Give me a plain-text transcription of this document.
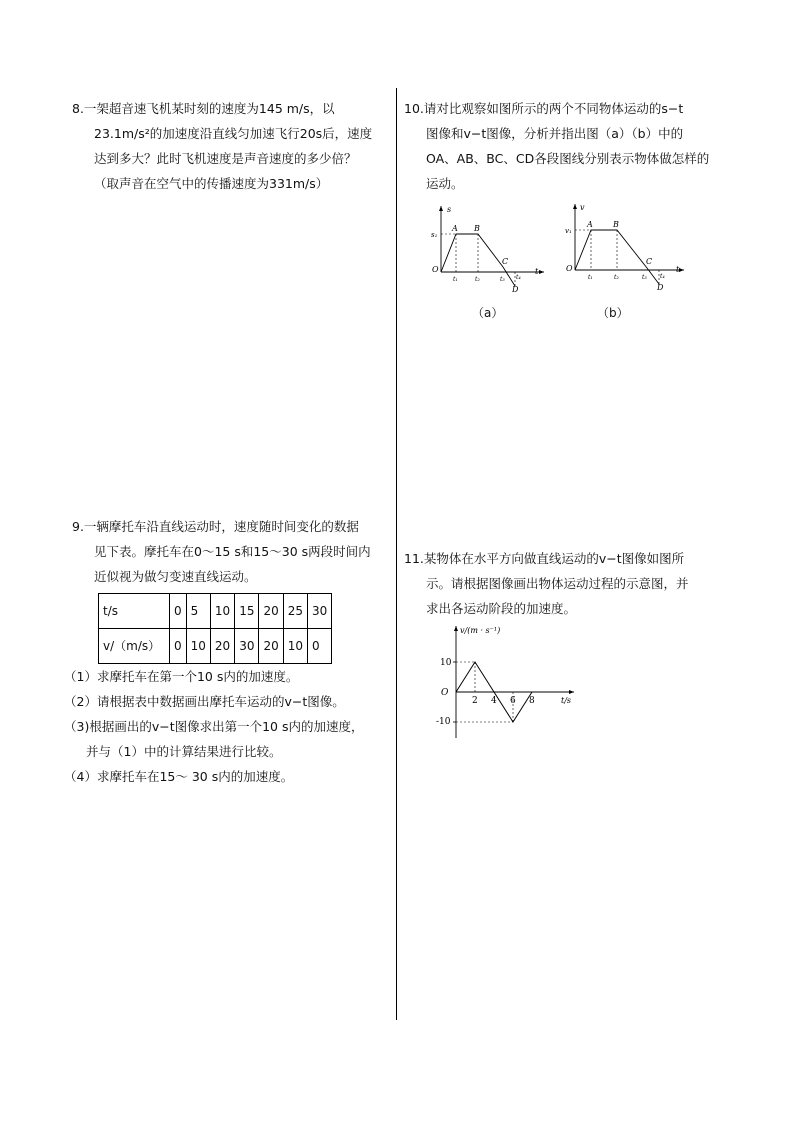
8.一架超音速飞机某时刻的速度为145 m/s，以
23.1m/s²的加速度沿直线匀加速飞行20s后，速度
达到多大？此时飞机速度是声音速度的多少倍？
（取声音在空气中的传播速度为331m/s）
9.一辆摩托车沿直线运动时，速度随时间变化的数据
见下表。摩托车在0～15 s和15～30 s两段时间内
近似视为做匀变速直线运动。
t/s	0	5	10	15	20	25	30
v/（m/s）	0	10	20	30	20	10	0
（1）求摩托车在第一个10 s内的加速度。
（2）请根据表中数据画出摩托车运动的v−t图像。
（3)根据画出的v−t图像求出第一个10 s内的加速度，
并与（1）中的计算结果进行比较。
（4）求摩托车在15～ 30 s内的加速度。
10.请对比观察如图所示的两个不同物体运动的s−t
图像和v−t图像，分析并指出图（a）（b）中的
OA、AB、BC、CD各段图线分别表示物体做怎样的
运动。
11.某物体在水平方向做直线运动的v−t图像如图所
示。请根据图像画出物体运动过程的示意图，并
求出各运动阶段的加速度。
s
s₁
O
A B
C
D
t₁	t₂	t₃ t₄
t
（a）
v
v₁
O
A	B
C
D
t₁	t₂	t₃ t₄
t
（b）
v/(m · s⁻¹)
O
t/s
10
-10
2 4 6 8
